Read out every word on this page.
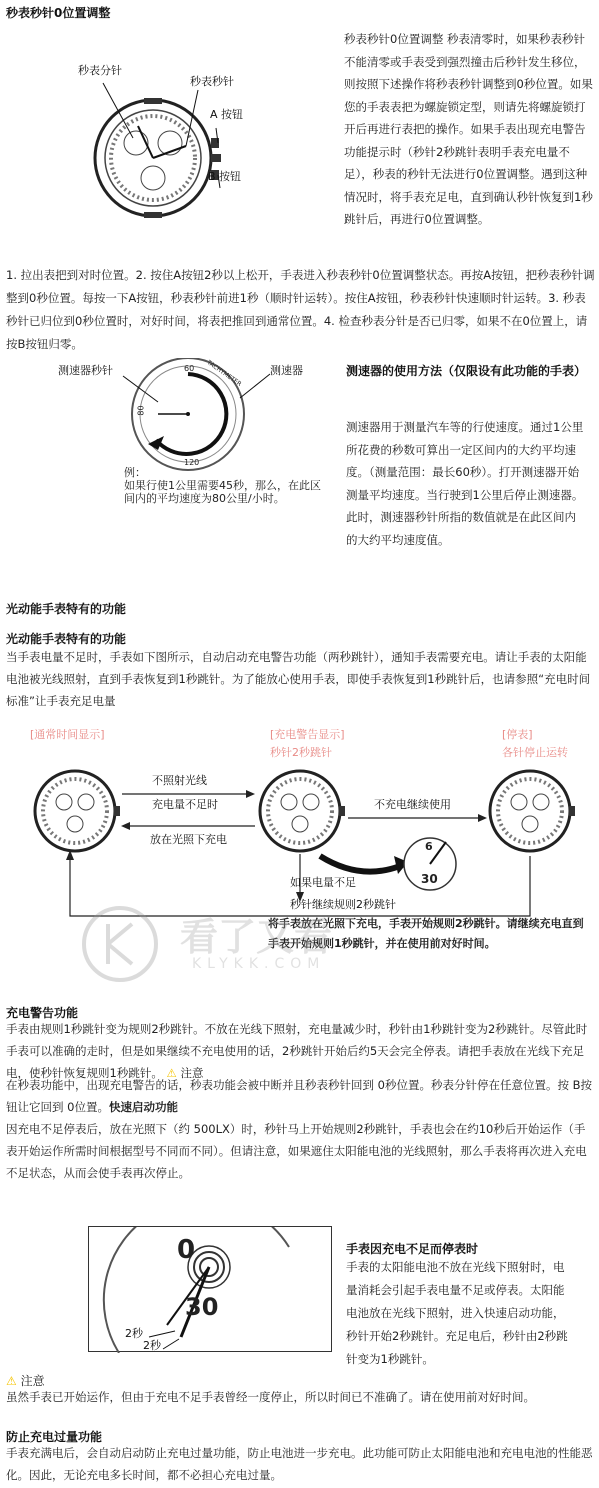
秒表秒针0位置调整
秒表分针
秒表秒针
A 按钮
B 按钮
秒表秒针0位置调整 秒表清零时，如果秒表秒针不能清零或手表受到强烈撞击后秒针发生移位，则按照下述操作将秒表秒针调整到0秒位置。如果您的手表表把为螺旋锁定型，则请先将螺旋锁打开后再进行表把的操作。如果手表出现充电警告功能提示时（秒针2秒跳针表明手表充电量不足），秒表的秒针无法进行0位置调整。遇到这种情况时，将手表充足电，直到确认秒针恢复到1秒跳针后，再进行0位置调整。
1. 拉出表把到对时位置。2. 按住A按钮2秒以上松开，手表进入秒表秒针0位置调整状态。再按A按钮，把秒表秒针调整到0秒位置。每按一下A按钮，秒表秒针前进1秒（顺时针运转）。按住A按钮，秒表秒针快速顺时针运转。3. 秒表秒针已归位到0秒位置时，对好时间，将表把推回到通常位置。4. 检查秒表分针是否已归零，如果不在0位置上，请按B按钮归零。
60
80
120
TACHYMETER
测速器秒针	测速器
例：
如果行使1公里需要45秒，那么，在此区间内的平均速度为80公里/小时。
测速器的使用方法（仅限设有此功能的手表）
测速器用于测量汽车等的行使速度。通过1公里所花费的秒数可算出一定区间内的大约平均速度。（测量范围：最长60秒）。打开测速器开始测量平均速度。当行驶到1公里后停止测速器。此时，测速器秒针所指的数值就是在此区间内的大约平均速度值。
光动能手表特有的功能
光动能手表特有的功能
当手表电量不足时，手表如下图所示，自动启动充电警告功能（两秒跳针），通知手表需要充电。请让手表的太阳能电池被光线照射，直到手表恢复到1秒跳针。为了能放心使用手表，即使手表恢复到1秒跳针后，也请参照“充电时间标准”让手表充足电量
[通常时间显示]	[充电警告显示]
秒针2秒跳针
[停表]
各针停止运转
不照射光线
充电量不足时
放在光照下充电
不充电继续使用
6
30
如果电量不足
秒针继续规则2秒跳针
将手表放在光照下充电，手表开始规则2秒跳针。请继续充电直到手表开始规则1秒跳针，并在使用前对好时间。
看了又看
KLYKK.COM
充电警告功能
手表由规则1秒跳针变为规则2秒跳针。不放在光线下照射，充电量减少时，秒针由1秒跳针变为2秒跳针。尽管此时手表可以准确的走时，但是如果继续不充电使用的话，2秒跳针开始后约5天会完全停表。请把手表放在光线下充足电，使秒针恢复规则1秒跳针。 ⚠ 注意
在秒表功能中，出现充电警告的话，秒表功能会被中断并且秒表秒针回到 0秒位置。秒表分针停在任意位置。按 B按钮让它回到 0位置。快速启动功能
因充电不足停表后，放在光照下（约 500LX）时，秒针马上开始规则2秒跳针，手表也会在约10秒后开始运作（手表开始运作所需时间根据型号不同而不同）。但请注意，如果遮住太阳能电池的光线照射，那么手表将再次进入充电不足状态，从而会使手表再次停止。
0
30
2秒
2秒
手表因充电不足而停表时
手表的太阳能电池不放在光线下照射时，电量消耗会引起手表电量不足或停表。太阳能电池放在光线下照射，进入快速启动功能，秒针开始2秒跳针。充足电后，秒针由2秒跳针变为1秒跳针。
⚠ 注意
虽然手表已开始运作，但由于充电不足手表曾经一度停止，所以时间已不准确了。请在使用前对好时间。
防止充电过量功能
手表充满电后，会自动启动防止充电过量功能，防止电池进一步充电。此功能可防止太阳能电池和充电电池的性能恶化。因此，无论充电多长时间，都不必担心充电过量。
